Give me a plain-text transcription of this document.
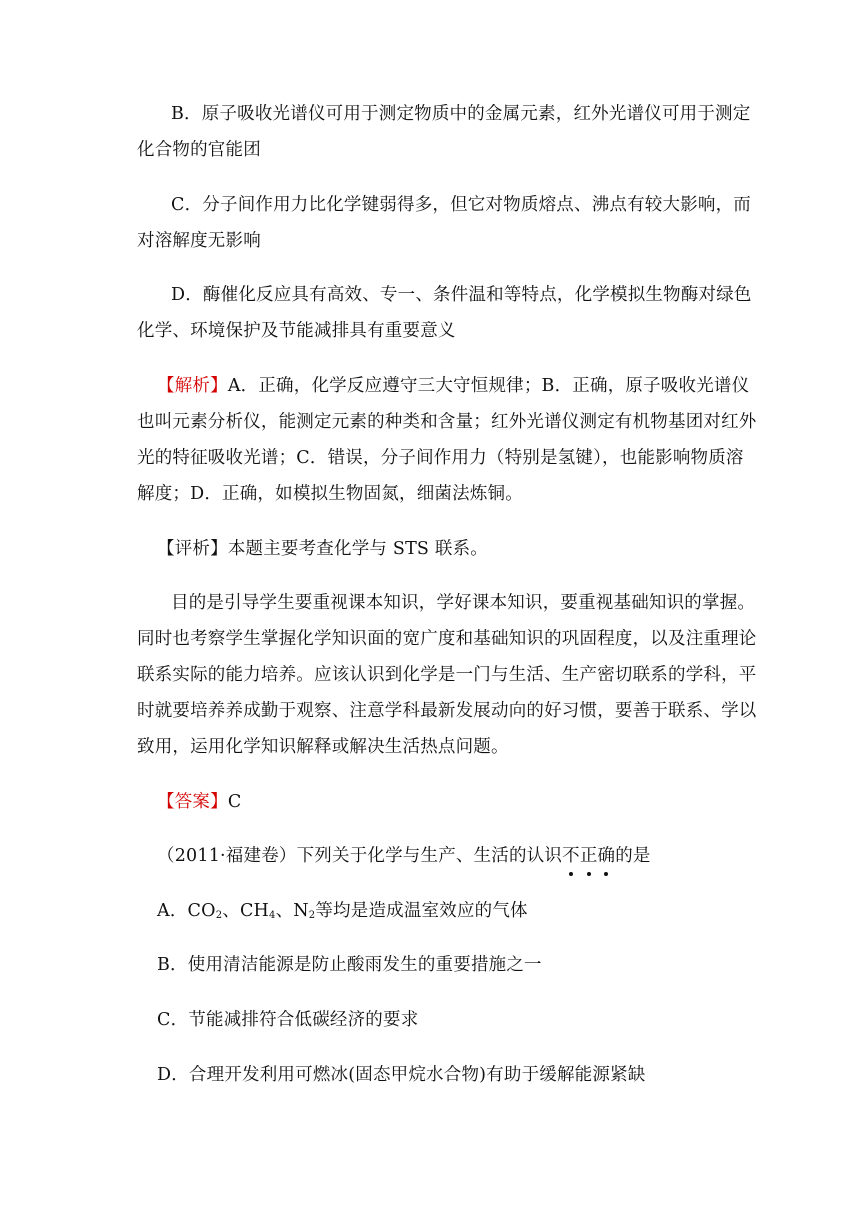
B．原子吸收光谱仪可用于测定物质中的金属元素，红外光谱仪可用于测定
化合物的官能团
C．分子间作用力比化学键弱得多，但它对物质熔点、沸点有较大影响，而
对溶解度无影响
D．酶催化反应具有高效、专一、条件温和等特点，化学模拟生物酶对绿色
化学、环境保护及节能减排具有重要意义
【解析】A．正确，化学反应遵守三大守恒规律；B．正确，原子吸收光谱仪
也叫元素分析仪，能测定元素的种类和含量；红外光谱仪测定有机物基团对红外
光的特征吸收光谱；C．错误，分子间作用力（特别是氢键），也能影响物质溶
解度；D．正确，如模拟生物固氮，细菌法炼铜。
【评析】本题主要考查化学与 STS 联系。
目的是引导学生要重视课本知识，学好课本知识，要重视基础知识的掌握。
同时也考察学生掌握化学知识面的宽广度和基础知识的巩固程度，以及注重理论
联系实际的能力培养。应该认识到化学是一门与生活、生产密切联系的学科，平
时就要培养养成勤于观察、注意学科最新发展动向的好习惯，要善于联系、学以
致用，运用化学知识解释或解决生活热点问题。
【答案】C
（2011·福建卷）下列关于化学与生产、生活的认识不
正
确
的是
A．$CO_2$、$CH_4$、$N_2$等均是造成温室效应的气体
B．使用清洁能源是防止酸雨发生的重要措施之一
C．节能减排符合低碳经济的要求
D．合理开发利用可燃冰(固态甲烷水合物)有助于缓解能源紧缺
